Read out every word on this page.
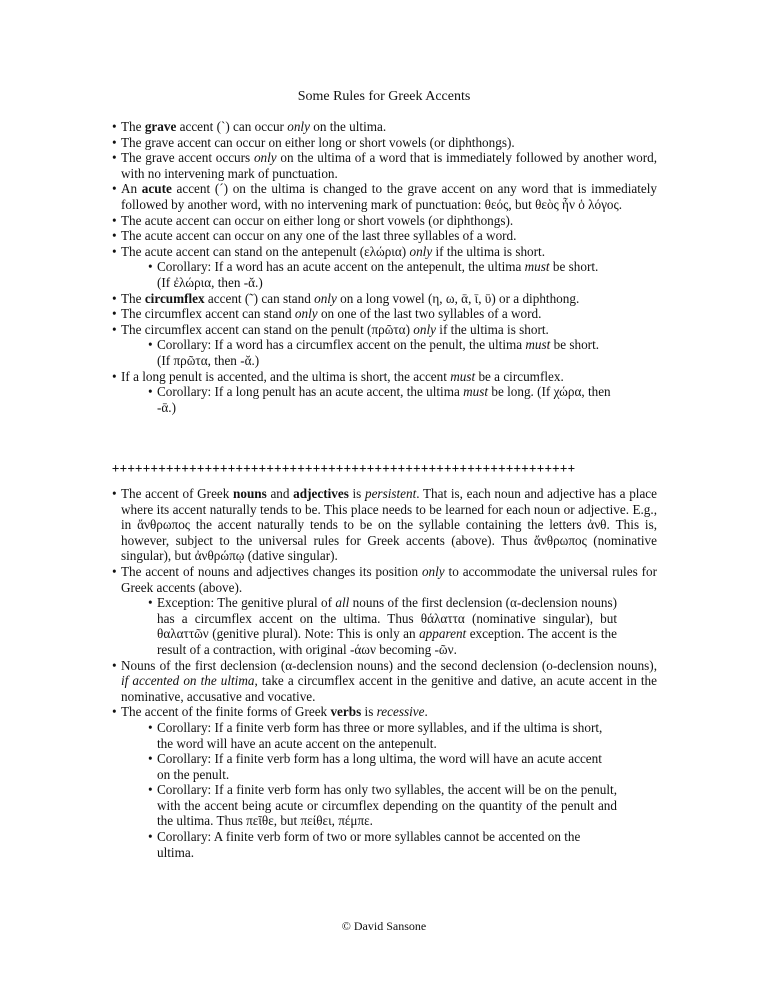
Some Rules for Greek Accents
• The grave accent (`) can occur only on the ultima.
• The grave accent can occur on either long or short vowels (or diphthongs).
• The grave accent occurs only on the ultima of a word that is immediately followed by another word, with no intervening mark of punctuation.
• An acute accent (´) on the ultima is changed to the grave accent on any word that is immediately followed by another word, with no intervening mark of punctuation: θεός, but θεὸς ἦν ὁ λόγος.
• The acute accent can occur on either long or short vowels (or diphthongs).
• The acute accent can occur on any one of the last three syllables of a word.
• The acute accent can stand on the antepenult (ελώρια) only if the ultima is short.
• Corollary: If a word has an acute accent on the antepenult, the ultima must be short. (If ἐλώρια, then -ᾰ.)
• The circumflex accent (˜) can stand only on a long vowel (η, ω, ᾱ, ῑ, ῡ) or a diphthong.
• The circumflex accent can stand only on one of the last two syllables of a word.
• The circumflex accent can stand on the penult (πρῶτα) only if the ultima is short.
• Corollary: If a word has a circumflex accent on the penult, the ultima must be short. (If πρῶτα, then -ᾰ.)
• If a long penult is accented, and the ultima is short, the accent must be a circumflex.
• Corollary: If a long penult has an acute accent, the ultima must be long. (If χώρα, then -ᾱ.)
++++++++++++++++++++++++++++++++++++++++++++++++++++++++++++
• The accent of Greek nouns and adjectives is persistent. That is, each noun and adjective has a place where its accent naturally tends to be. This place needs to be learned for each noun or adjective. E.g., in ἄνθρωπος the accent naturally tends to be on the syllable containing the letters ἀνθ. This is, however, subject to the universal rules for Greek accents (above). Thus ἄνθρωπος (nominative singular), but ἀνθρώπῳ (dative singular).
• The accent of nouns and adjectives changes its position only to accommodate the universal rules for Greek accents (above).
• Exception: The genitive plural of all nouns of the first declension (α-declension nouns) has a circumflex accent on the ultima. Thus θάλαττα (nominative singular), but θαλαττῶν (genitive plural). Note: This is only an apparent exception. The accent is the result of a contraction, with original -άων becoming -ῶν.
• Nouns of the first declension (α-declension nouns) and the second declension (ο-declension nouns), if accented on the ultima, take a circumflex accent in the genitive and dative, an acute accent in the nominative, accusative and vocative.
• The accent of the finite forms of Greek verbs is recessive.
• Corollary: If a finite verb form has three or more syllables, and if the ultima is short, the word will have an acute accent on the antepenult.
• Corollary: If a finite verb form has a long ultima, the word will have an acute accent on the penult.
• Corollary: If a finite verb form has only two syllables, the accent will be on the penult, with the accent being acute or circumflex depending on the quantity of the penult and the ultima. Thus πεῖθε, but πείθει, πέμπε.
• Corollary: A finite verb form of two or more syllables cannot be accented on the ultima.
© David Sansone
